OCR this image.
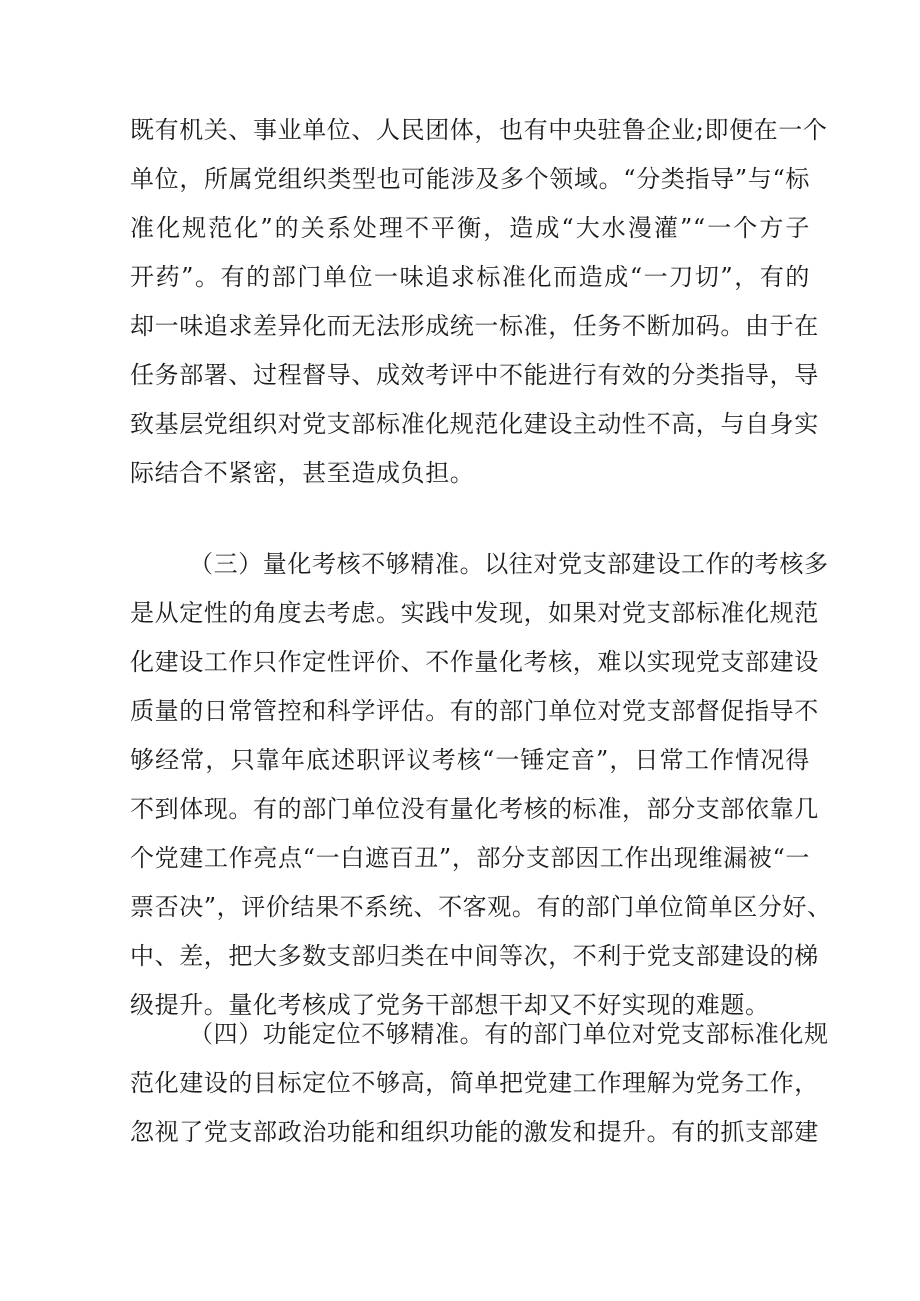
既有机关、事业单位、人民团体，也有中央驻鲁企业;即便在一个
单位，所属党组织类型也可能涉及多个领域。“分类指导”与“标
准化规范化”的关系处理不平衡，造成“大水漫灌”“一个方子
开药”。有的部门单位一味追求标准化而造成“一刀切”，有的
却一味追求差异化而无法形成统一标准，任务不断加码。由于在
任务部署、过程督导、成效考评中不能进行有效的分类指导，导
致基层党组织对党支部标准化规范化建设主动性不高，与自身实
际结合不紧密，甚至造成负担。
（三）量化考核不够精准。以往对党支部建设工作的考核多
是从定性的角度去考虑。实践中发现，如果对党支部标准化规范
化建设工作只作定性评价、不作量化考核，难以实现党支部建设
质量的日常管控和科学评估。有的部门单位对党支部督促指导不
够经常，只靠年底述职评议考核“一锤定音”，日常工作情况得
不到体现。有的部门单位没有量化考核的标准，部分支部依靠几
个党建工作亮点“一白遮百丑”，部分支部因工作出现维漏被“一
票否决”，评价结果不系统、不客观。有的部门单位简单区分好、
中、差，把大多数支部归类在中间等次，不利于党支部建设的梯
级提升。量化考核成了党务干部想干却又不好实现的难题。
（四）功能定位不够精准。有的部门单位对党支部标准化规
范化建设的目标定位不够高，简单把党建工作理解为党务工作，
忽视了党支部政治功能和组织功能的激发和提升。有的抓支部建
